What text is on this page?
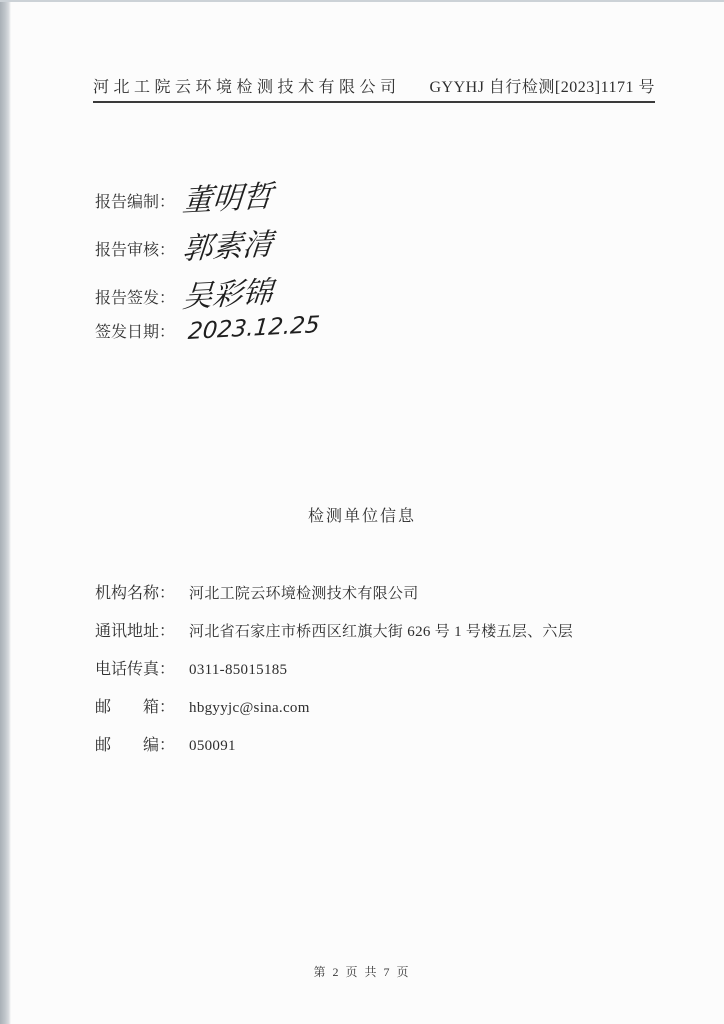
河北工院云环境检测技术有限公司 GYYHJ 自行检测[2023]1171 号
报告编制： 董明哲
报告审核： 郭素清
报告签发： 吴彩锦
签发日期： 2023.12.25
检测单位信息
机构名称： 河北工院云环境检测技术有限公司
通讯地址： 河北省石家庄市桥西区红旗大街 626 号 1 号楼五层、六层
电话传真： 0311-85015185
邮　　箱： hbgyyjc@sina.com
邮　　编： 050091
第 2 页 共 7 页
